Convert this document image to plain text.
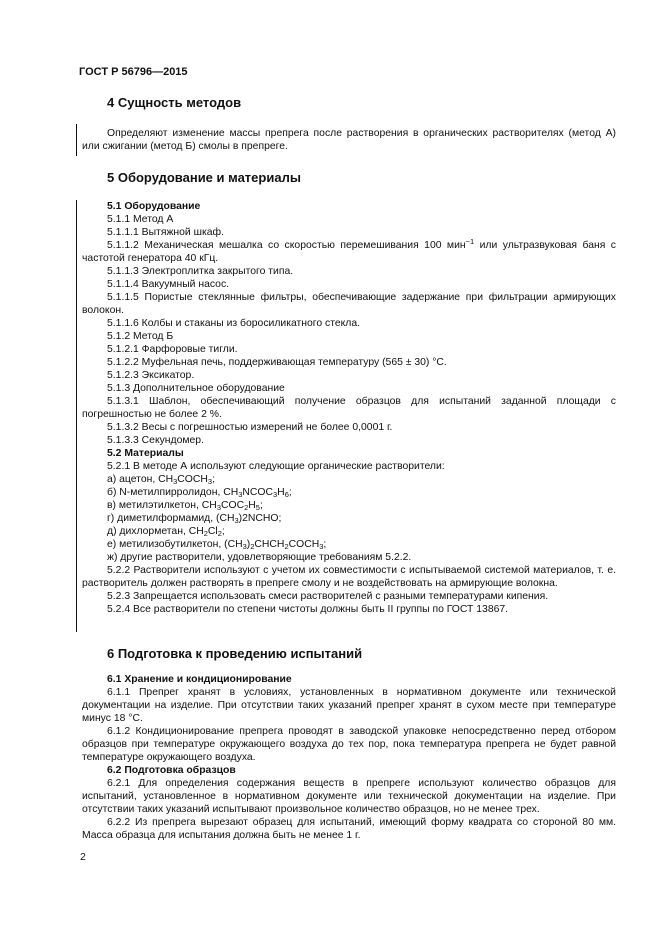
ГОСТ Р 56796—2015
4 Сущность методов

Определяют изменение массы препрега после растворения в органических растворителях (метод А) или сжигании (метод Б) смолы в препреге.

5 Оборудование и материалы

5.1 Оборудование

5.1.1 Метод А

5.1.1.1 Вытяжной шкаф.

5.1.1.2 Механическая мешалка со скоростью перемешивания 100 мин$^{-1}$ или ультразвуковая баня с частотой генератора 40 кГц.

5.1.1.3 Электроплитка закрытого типа.

5.1.1.4 Вакуумный насос.

5.1.1.5 Пористые стеклянные фильтры, обеспечивающие задержание при фильтрации армирующих волокон.

5.1.1.6 Колбы и стаканы из боросиликатного стекла.

5.1.2 Метод Б

5.1.2.1 Фарфоровые тигли.

5.1.2.2 Муфельная печь, поддерживающая температуру (565 ± 30) °С.

5.1.2.3 Эксикатор.

5.1.3 Дополнительное оборудование

5.1.3.1 Шаблон, обеспечивающий получение образцов для испытаний заданной площади с погрешностью не более 2 %.

5.1.3.2 Весы с погрешностью измерений не более 0,0001 г.

5.1.3.3 Секундомер.

5.2 Материалы

5.2.1 В методе А используют следующие органические растворители:

а) ацетон, $CH_3COCH_3$;

б) N-метилпирролидон, $CH_3NCOC_3H_6$;

в) метилэтилкетон, $CH_3COC_2H_5$;

г) диметилформамид, $(CH_3)2NCHO$;

д) дихлорметан, $CH_2Cl_2$;

е) метилизобутилкетон, $(CH_3)_2CHCH_2COCH_3$;

ж) другие растворители, удовлетворяющие требованиям 5.2.2.

5.2.2 Растворители используют с учетом их совместимости с испытываемой системой материалов, т. е. растворитель должен растворять в препреге смолу и не воздействовать на армирующие волокна.

5.2.3 Запрещается использовать смеси растворителей с разными температурами кипения.

5.2.4 Все растворители по степени чистоты должны быть II группы по ГОСТ 13867.

6 Подготовка к проведению испытаний

6.1 Хранение и кондиционирование

6.1.1 Препрег хранят в условиях, установленных в нормативном документе или технической документации на изделие. При отсутствии таких указаний препрег хранят в сухом месте при температуре минус 18 °С.

6.1.2 Кондиционирование препрега проводят в заводской упаковке непосредственно перед отбором образцов при температуре окружающего воздуха до тех пор, пока температура препрега не будет равной температуре окружающего воздуха.

6.2 Подготовка образцов

6.2.1 Для определения содержания веществ в препреге используют количество образцов для испытаний, установленное в нормативном документе или технической документации на изделие. При отсутствии таких указаний испытывают произвольное количество образцов, но не менее трех.

6.2.2 Из препрега вырезают образец для испытаний, имеющий форму квадрата со стороной 80 мм. Масса образца для испытания должна быть не менее 1 г.

2
